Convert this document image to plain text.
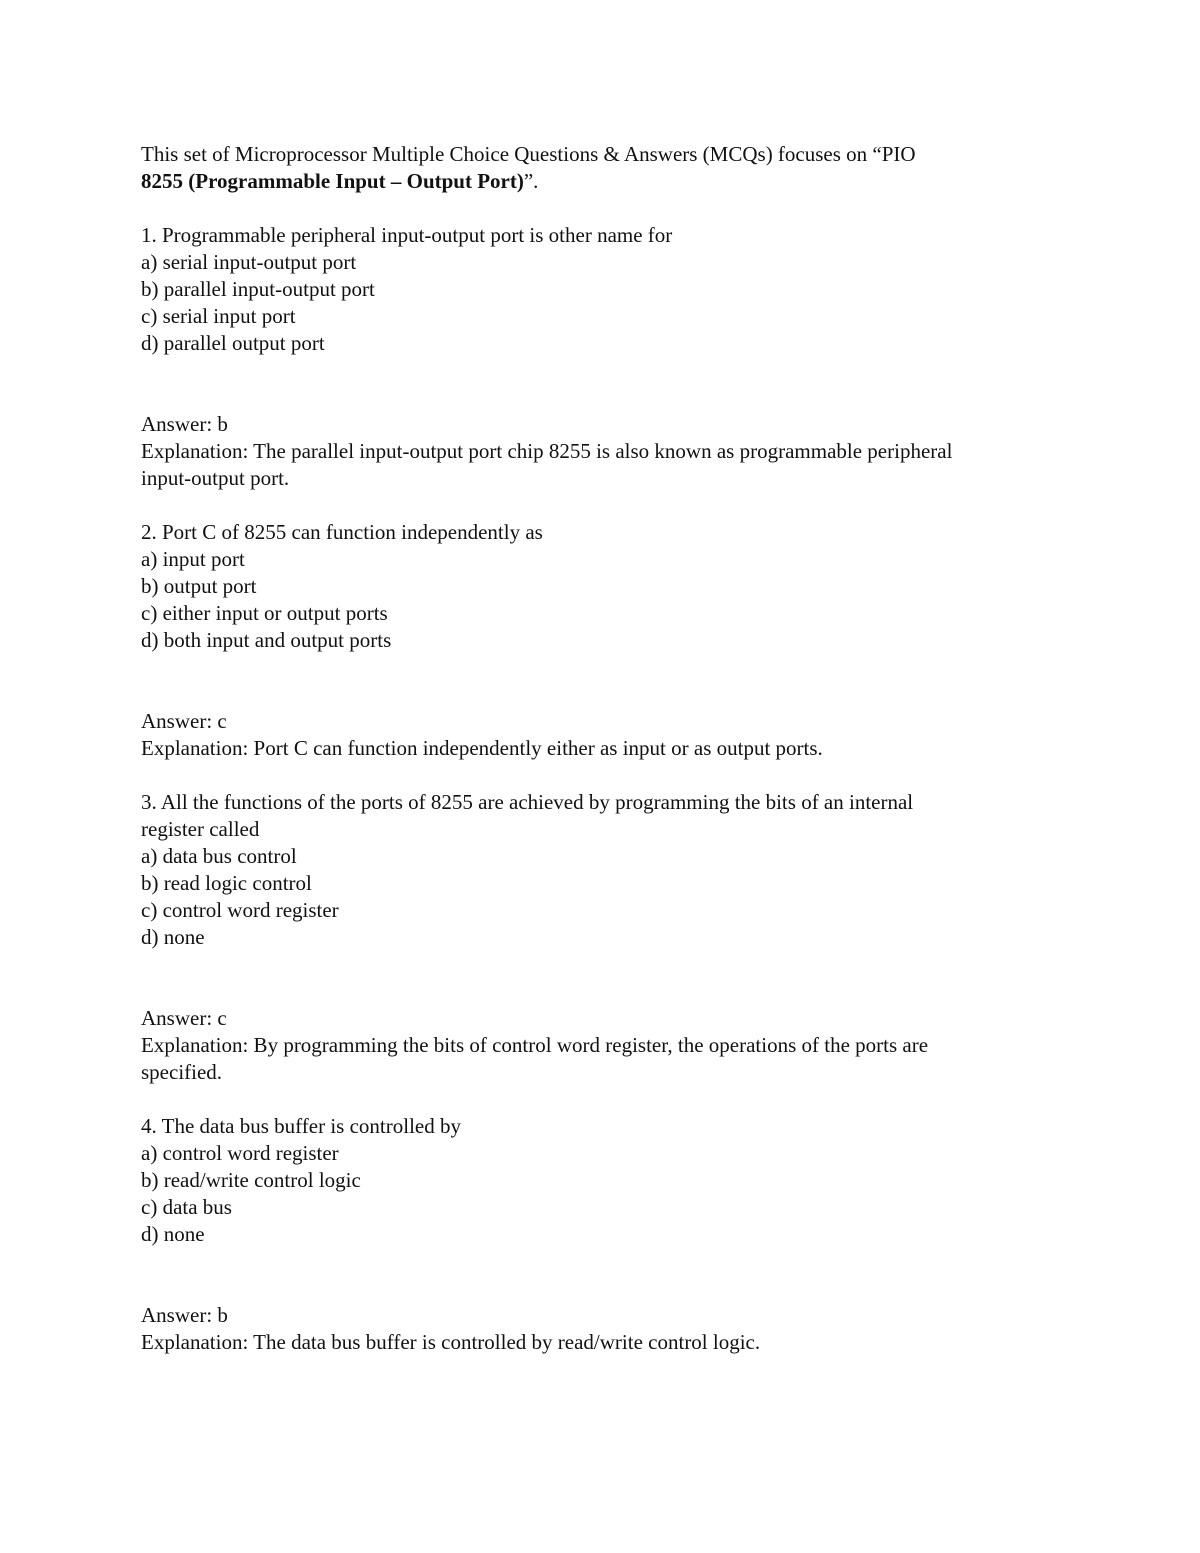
This set of Microprocessor Multiple Choice Questions & Answers (MCQs) focuses on “PIO
8255 (Programmable Input – Output Port)”.
1. Programmable peripheral input-output port is other name for
a) serial input-output port
b) parallel input-output port
c) serial input port
d) parallel output port
Answer: b
Explanation: The parallel input-output port chip 8255 is also known as programmable peripheral
input-output port.
2. Port C of 8255 can function independently as
a) input port
b) output port
c) either input or output ports
d) both input and output ports
Answer: c
Explanation: Port C can function independently either as input or as output ports.
3. All the functions of the ports of 8255 are achieved by programming the bits of an internal
register called
a) data bus control
b) read logic control
c) control word register
d) none
Answer: c
Explanation: By programming the bits of control word register, the operations of the ports are
specified.
4. The data bus buffer is controlled by
a) control word register
b) read/write control logic
c) data bus
d) none
Answer: b
Explanation: The data bus buffer is controlled by read/write control logic.
